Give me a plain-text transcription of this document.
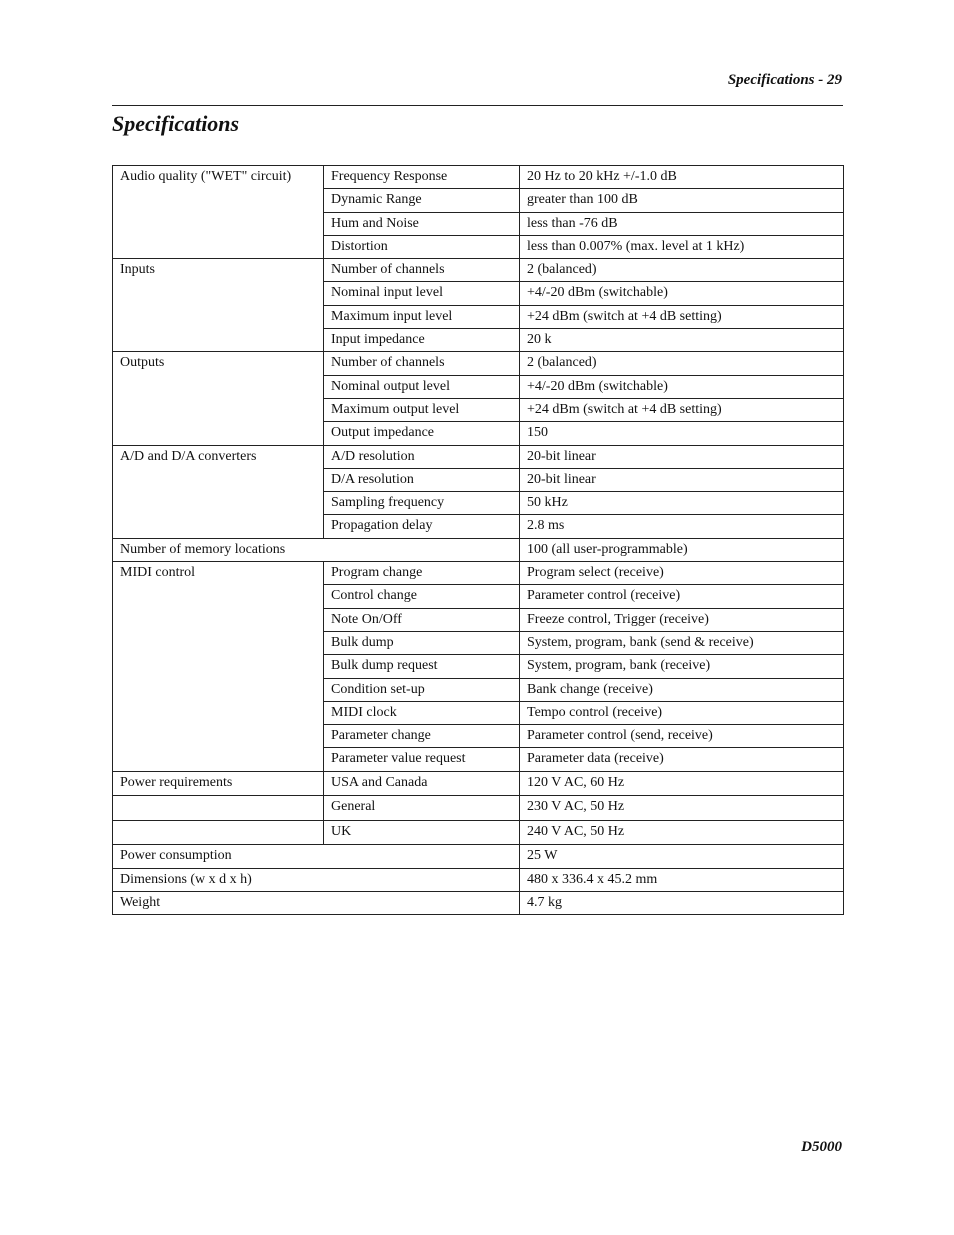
Specifications - 29
Specifications
Audio quality ("WET" circuit)	Frequency Response	20 Hz to 20 kHz +/-1.0 dB
	Dynamic Range	greater than 100 dB
	Hum and Noise	less than -76 dB
	Distortion	less than 0.007% (max. level at 1 kHz)
Inputs	Number of channels	2 (balanced)
	Nominal input level	+4/-20 dBm (switchable)
	Maximum input level	+24 dBm (switch at +4 dB setting)
	Input impedance	20 k
Outputs	Number of channels	2 (balanced)
	Nominal output level	+4/-20 dBm (switchable)
	Maximum output level	+24 dBm (switch at +4 dB setting)
	Output impedance	150
A/D and D/A converters	A/D resolution	20-bit linear
	D/A resolution	20-bit linear
	Sampling frequency	50 kHz
	Propagation delay	2.8 ms
Number of memory locations		100 (all user-programmable)
MIDI control	Program change	Program select (receive)
	Control change	Parameter control (receive)
	Note On/Off	Freeze control, Trigger (receive)
	Bulk dump	System, program, bank (send & receive)
	Bulk dump request	System, program, bank (receive)
	Condition set-up	Bank change (receive)
	MIDI clock	Tempo control (receive)
	Parameter change	Parameter control (send, receive)
	Parameter value request	Parameter data (receive)
Power requirements	USA and Canada	120 V AC, 60 Hz
	General	230 V AC, 50 Hz
	UK	240 V AC, 50 Hz
Power consumption		25 W
Dimensions (w x d x h)		480 x 336.4 x 45.2 mm
Weight		4.7 kg
D5000
